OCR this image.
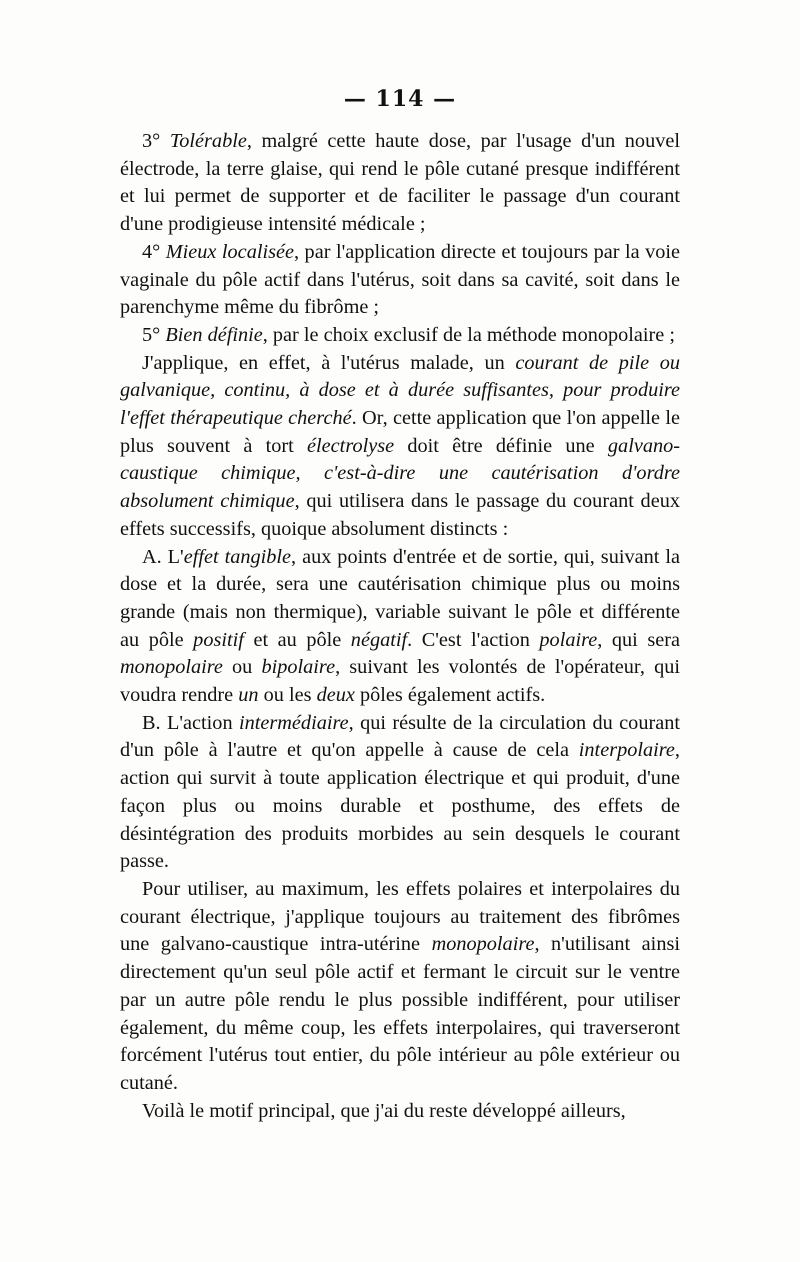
— 114 —

3° Tolérable, malgré cette haute dose, par l'usage d'un nouvel électrode, la terre glaise, qui rend le pôle cutané presque indifférent et lui permet de supporter et de faciliter le passage d'un courant d'une prodigieuse intensité médicale ;

4° Mieux localisée, par l'application directe et toujours par la voie vaginale du pôle actif dans l'utérus, soit dans sa cavité, soit dans le parenchyme même du fibrôme ;

5° Bien définie, par le choix exclusif de la méthode monopolaire ;

J'applique, en effet, à l'utérus malade, un courant de pile ou galvanique, continu, à dose et à durée suffisantes, pour produire l'effet thérapeutique cherché. Or, cette application que l'on appelle le plus souvent à tort électrolyse doit être définie une galvano-caustique chimique, c'est-à-dire une cautérisation d'ordre absolument chimique, qui utilisera dans le passage du courant deux effets successifs, quoique absolument distincts :

A. L'effet tangible, aux points d'entrée et de sortie, qui, suivant la dose et la durée, sera une cautérisation chimique plus ou moins grande (mais non thermique), variable suivant le pôle et différente au pôle positif et au pôle négatif. C'est l'action polaire, qui sera monopolaire ou bipolaire, suivant les volontés de l'opérateur, qui voudra rendre un ou les deux pôles également actifs.

B. L'action intermédiaire, qui résulte de la circulation du courant d'un pôle à l'autre et qu'on appelle à cause de cela interpolaire, action qui survit à toute application électrique et qui produit, d'une façon plus ou moins durable et posthume, des effets de désintégration des produits morbides au sein desquels le courant passe.

Pour utiliser, au maximum, les effets polaires et interpolaires du courant électrique, j'applique toujours au traitement des fibrômes une galvano-caustique intra-utérine monopolaire, n'utilisant ainsi directement qu'un seul pôle actif et fermant le circuit sur le ventre par un autre pôle rendu le plus possible indifférent, pour utiliser également, du même coup, les effets interpolaires, qui traverseront forcément l'utérus tout entier, du pôle intérieur au pôle extérieur ou cutané.

Voilà le motif principal, que j'ai du reste développé ailleurs,
